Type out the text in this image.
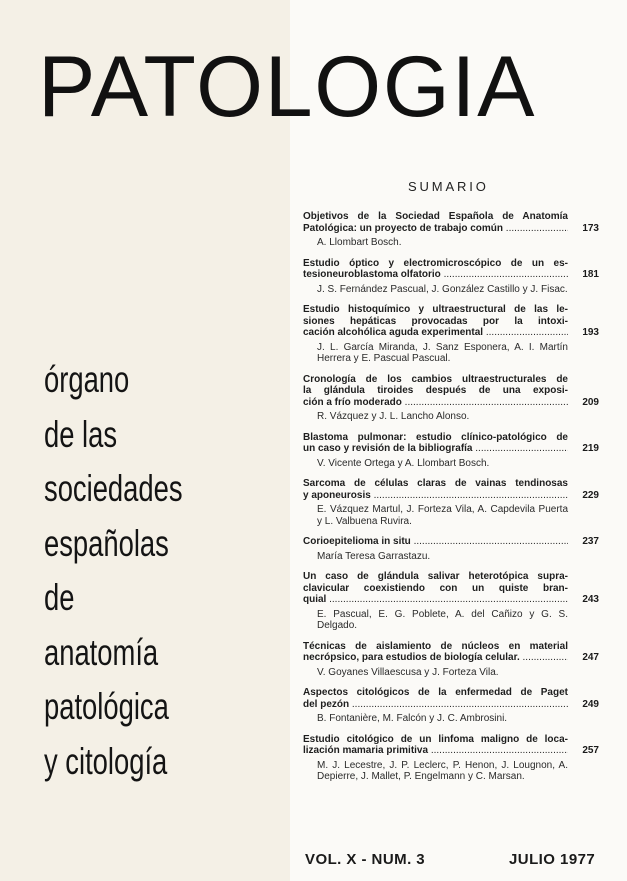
PATOLOGIA
órgano
de las
sociedades
españolas
de
anatomía
patológica
y citología
SUMARIO
173
Objetivos de la Sociedad Española de Anatomía
Patológica: un proyecto de trabajo común .....
A. Llombart Bosch.
181
Estudio óptico y electromicroscópico de un es-
tesioneuroblastoma olfatorio .....
J. S. Fernández Pascual, J. González Castillo y J. Fisac.
193
Estudio histoquímico y ultraestructural de las le-
siones hepáticas provocadas por la intoxi-
cación alcohólica aguda experimental .....
J. L. García Miranda, J. Sanz Esponera, A. I. Martín Herrera y E. Pascual Pascual.
209
Cronología de los cambios ultraestructurales de
la glándula tiroides después de una exposi-
ción a frío moderado .....
R. Vázquez y J. L. Lancho Alonso.
219
Blastoma pulmonar: estudio clínico-patológico de
un caso y revisión de la bibliografía .....
V. Vicente Ortega y A. Llombart Bosch.
229
Sarcoma de células claras de vainas tendinosas
y aponeurosis .....
E. Vázquez Martul, J. Forteza Vila, A. Capdevila Puerta y L. Valbuena Ruvira.
237
Corioepitelioma in situ .....
María Teresa Garrastazu.
243
Un caso de glándula salivar heterotópica supra-
clavicular coexistiendo con un quiste bran-
quial .....
E. Pascual, E. G. Poblete, A. del Cañizo y G. S. Delgado.
247
Técnicas de aislamiento de núcleos en material
necrópsico, para estudios de biología celular. .....
V. Goyanes Villaescusa y J. Forteza Vila.
249
Aspectos citológicos de la enfermedad de Paget
del pezón .....
B. Fontanière, M. Falcón y J. C. Ambrosini.
257
Estudio citológico de un linfoma maligno de loca-
lización mamaria primitiva .....
M. J. Lecestre, J. P. Leclerc, P. Henon, J. Lougnon, A. Depierre, J. Mallet, P. Engelmann y C. Marsan.
VOL. X - NUM. 3	JULIO 1977
